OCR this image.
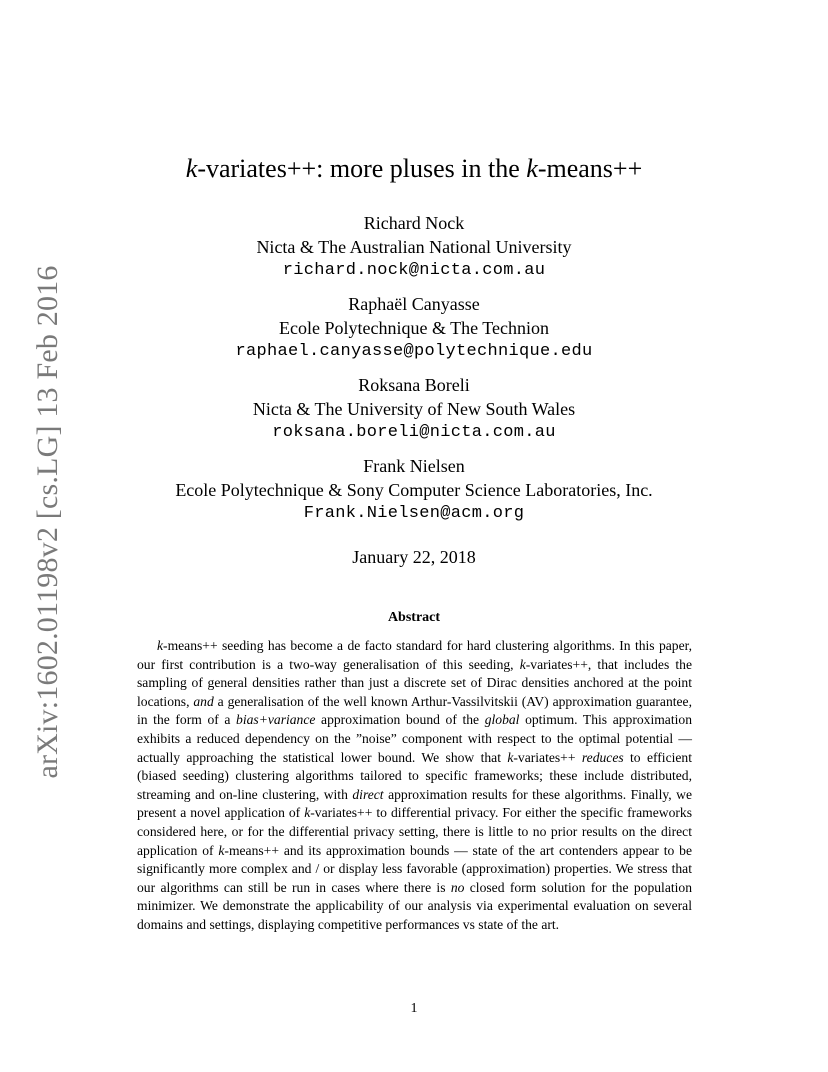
arXiv:1602.01198v2 [cs.LG] 13 Feb 2016
k-variates++: more pluses in the k-means++
Richard Nock
Nicta & The Australian National University
richard.nock@nicta.com.au
Raphaël Canyasse
Ecole Polytechnique & The Technion
raphael.canyasse@polytechnique.edu
Roksana Boreli
Nicta & The University of New South Wales
roksana.boreli@nicta.com.au
Frank Nielsen
Ecole Polytechnique & Sony Computer Science Laboratories, Inc.
Frank.Nielsen@acm.org
January 22, 2018
Abstract

k-means++ seeding has become a de facto standard for hard clustering algorithms. In this paper, our first contribution is a two-way generalisation of this seeding, k-variates++, that includes the sampling of general densities rather than just a discrete set of Dirac densities anchored at the point locations, and a generalisation of the well known Arthur-Vassilvitskii (AV) approximation guarantee, in the form of a bias+variance approximation bound of the global optimum. This approximation exhibits a reduced dependency on the ”noise” component with respect to the optimal potential — actually approaching the statistical lower bound. We show that k-variates++ reduces to efficient (biased seeding) clustering algorithms tailored to specific frameworks; these include distributed, streaming and on-line clustering, with direct approximation results for these algorithms. Finally, we present a novel application of k-variates++ to differential privacy. For either the specific frameworks considered here, or for the differential privacy setting, there is little to no prior results on the direct application of k-means++ and its approximation bounds — state of the art contenders appear to be significantly more complex and / or display less favorable (approximation) properties. We stress that our algorithms can still be run in cases where there is no closed form solution for the population minimizer. We demonstrate the applicability of our analysis via experimental evaluation on several domains and settings, displaying competitive performances vs state of the art.

1
